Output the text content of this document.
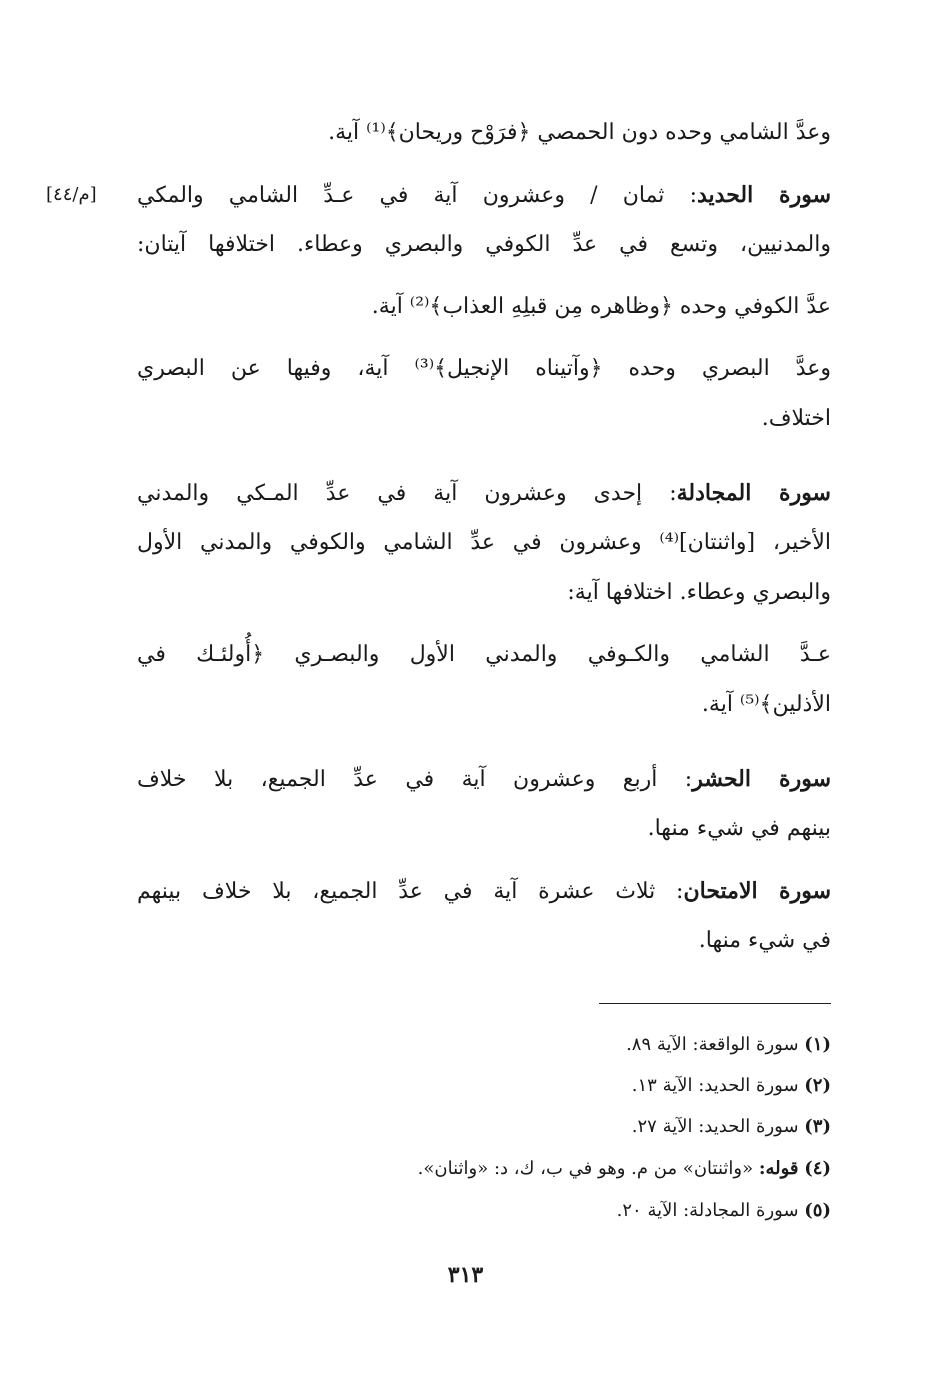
وعدَّ الشامي وحده دون الحمصي ﴿فرَوْح وريحان﴾⁽¹⁾ آية.
سورة الحديد: ثمان / وعشرون آية في عـدِّ الشامي والمكي
[م/٤٤]
والمدنيين، وتسع في عدِّ الكوفي والبصري وعطاء. اختلافها آيتان:
عدَّ الكوفي وحده ﴿وظاهره مِن قبلِهِ العذاب﴾⁽²⁾ آية.
وعدَّ البصري وحده ﴿وآتيناه الإنجيل﴾⁽³⁾ آية، وفيها عن البصري
اختلاف.
سورة المجادلة: إحدى وعشرون آية في عدِّ المـكي والمدني
الأخير، [واثنتان]⁽⁴⁾ وعشرون في عدِّ الشامي والكوفي والمدني الأول
والبصري وعطاء. اختلافها آية:
عـدَّ الشامي والكـوفي والمدني الأول والبصـري ﴿أُولئـك في
الأذلين﴾⁽⁵⁾ آية.
سورة الحشر: أربع وعشرون آية في عدِّ الجميع، بلا خلاف
بينهم في شيء منها.
سورة الامتحان: ثلاث عشرة آية في عدِّ الجميع، بلا خلاف بينهم
في شيء منها.
(١) سورة الواقعة: الآية ٨٩.
(٢) سورة الحديد: الآية ١٣.
(٣) سورة الحديد: الآية ٢٧.
(٤) قوله: «واثنتان» من م. وهو في ب، ك، د: «واثنان».
(٥) سورة المجادلة: الآية ٢٠.
٣١٣
